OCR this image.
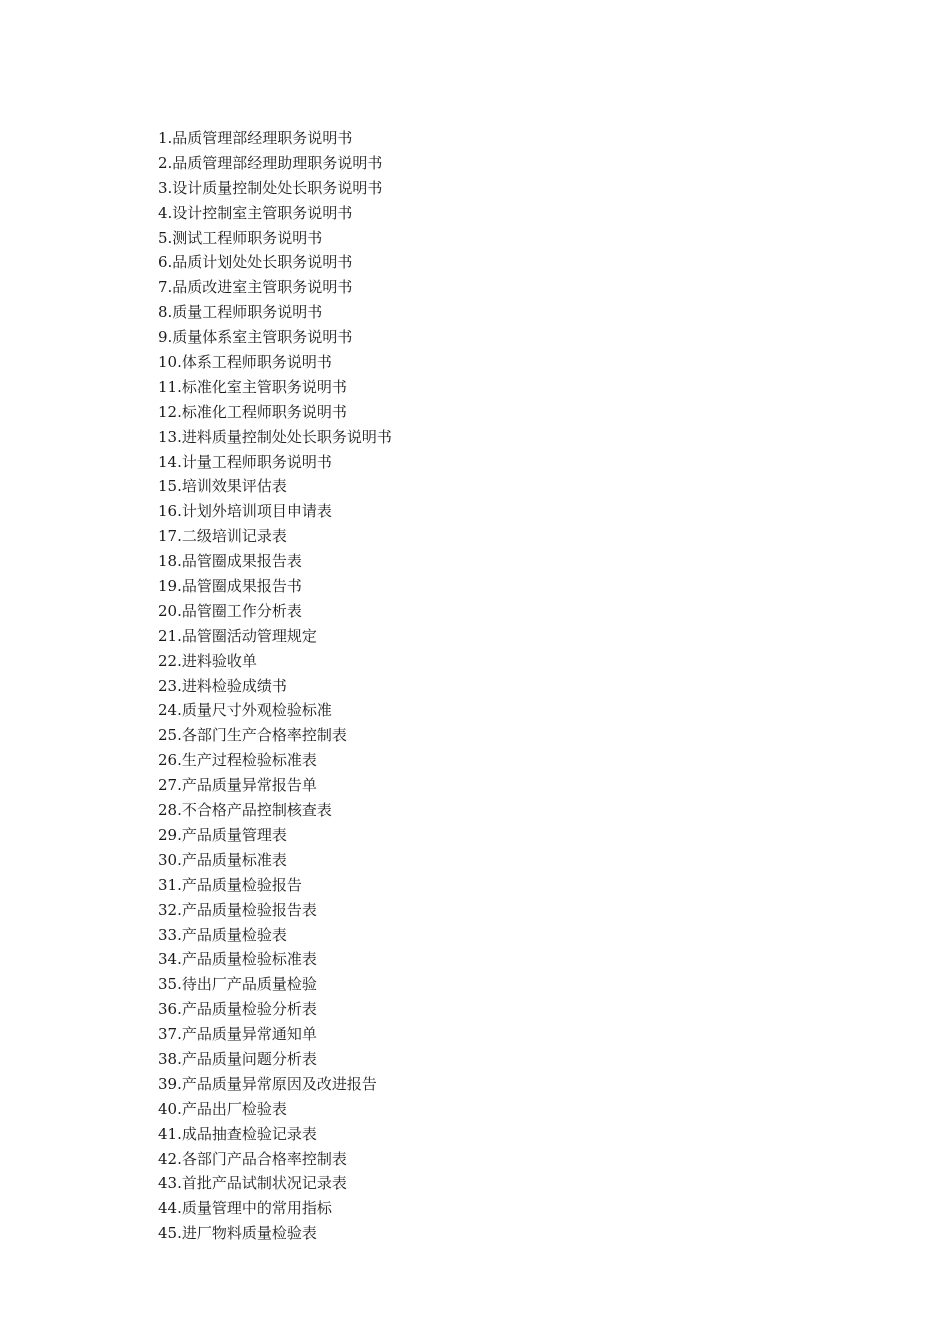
1.品质管理部经理职务说明书
2.品质管理部经理助理职务说明书
3.设计质量控制处处长职务说明书
4.设计控制室主管职务说明书
5.测试工程师职务说明书
6.品质计划处处长职务说明书
7.品质改进室主管职务说明书
8.质量工程师职务说明书
9.质量体系室主管职务说明书
10.体系工程师职务说明书
11.标准化室主管职务说明书
12.标准化工程师职务说明书
13.进料质量控制处处长职务说明书
14.计量工程师职务说明书
15.培训效果评估表
16.计划外培训项目申请表
17.二级培训记录表
18.品管圈成果报告表
19.品管圈成果报告书
20.品管圈工作分析表
21.品管圈活动管理规定
22.进料验收单
23.进料检验成绩书
24.质量尺寸外观检验标准
25.各部门生产合格率控制表
26.生产过程检验标准表
27.产品质量异常报告单
28.不合格产品控制核查表
29.产品质量管理表
30.产品质量标准表
31.产品质量检验报告
32.产品质量检验报告表
33.产品质量检验表
34.产品质量检验标准表
35.待出厂产品质量检验
36.产品质量检验分析表
37.产品质量异常通知单
38.产品质量问题分析表
39.产品质量异常原因及改进报告
40.产品出厂检验表
41.成品抽查检验记录表
42.各部门产品合格率控制表
43.首批产品试制状况记录表
44.质量管理中的常用指标
45.进厂物料质量检验表
